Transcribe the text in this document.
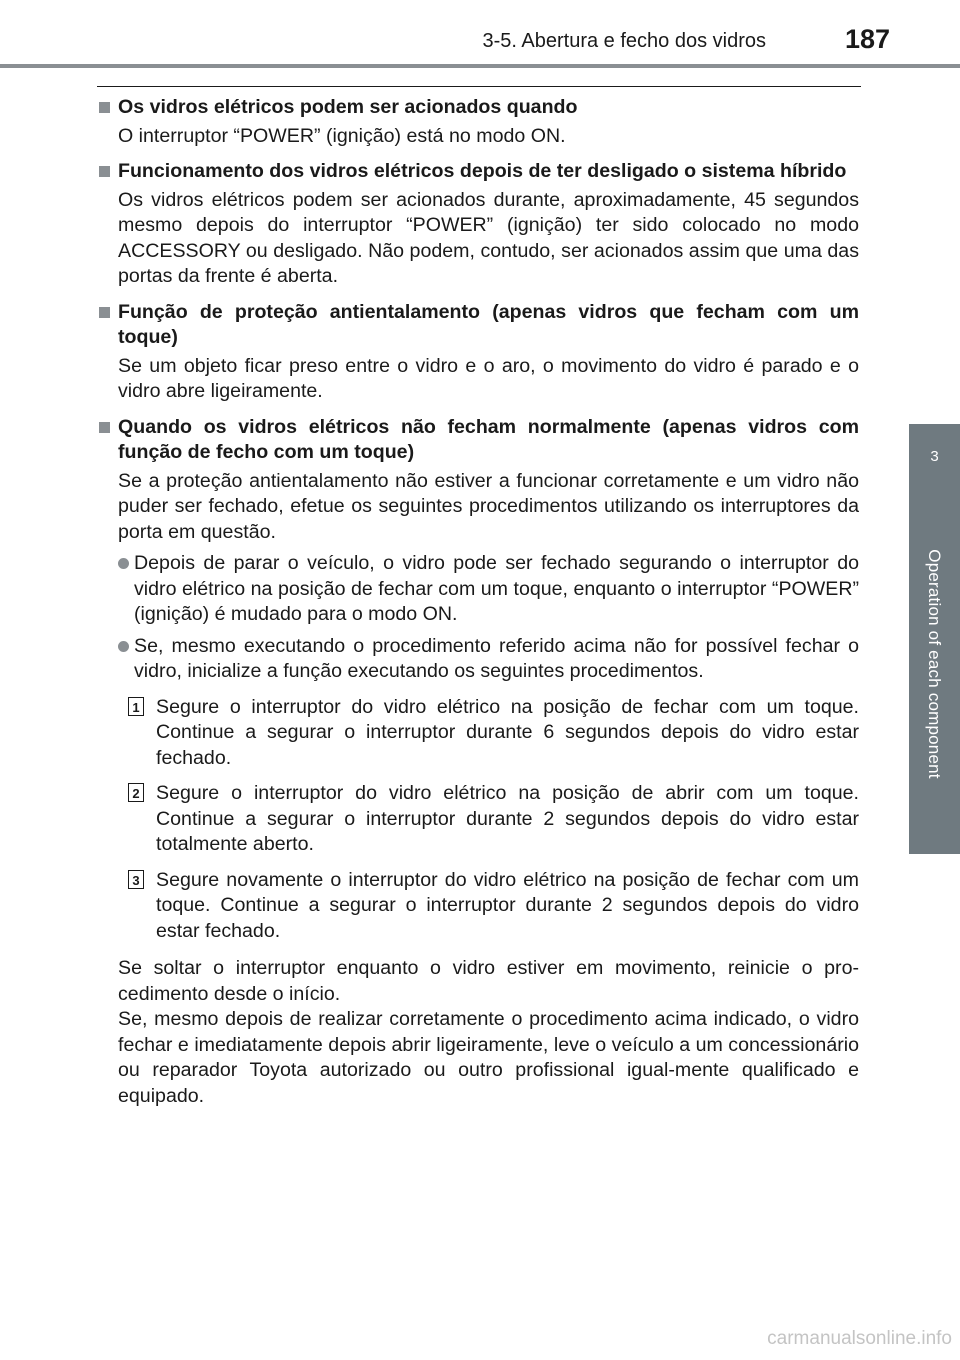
3-5. Abertura e fecho dos vidros	187
3
Operation of each component
Os vidros elétricos podem ser acionados quando
O interruptor “POWER” (ignição) está no modo ON.
Funcionamento dos vidros elétricos depois de ter desligado o sistema híbrido
Os vidros elétricos podem ser acionados durante, aproximadamente, 45 segundos mesmo depois do interruptor “POWER” (ignição) ter sido colocado no modo ACCESSORY ou desligado. Não podem, contudo, ser acionados assim que uma das portas da frente é aberta.
Função de proteção antientalamento (apenas vidros que fecham com um toque)
Se um objeto ficar preso entre o vidro e o aro, o movimento do vidro é parado e o vidro abre ligeiramente.
Quando os vidros elétricos não fecham normalmente (apenas vidros com função de fecho com um toque)
Se a proteção antientalamento não estiver a funcionar corretamente e um vidro não puder ser fechado, efetue os seguintes procedimentos utilizando os interruptores da porta em questão.
Depois de parar o veículo, o vidro pode ser fechado segurando o interruptor do vidro elétrico na posição de fechar com um toque, enquanto o interruptor “POWER” (ignição) é mudado para o modo ON.
Se, mesmo executando o procedimento referido acima não for possível fechar o vidro, inicialize a função executando os seguintes procedimentos.
1 Segure o interruptor do vidro elétrico na posição de fechar com um toque. Continue a segurar o interruptor durante 6 segundos depois do vidro estar fechado.
2 Segure o interruptor do vidro elétrico na posição de abrir com um toque. Continue a segurar o interruptor durante 2 segundos depois do vidro estar totalmente aberto.
3 Segure novamente o interruptor do vidro elétrico na posição de fechar com um toque. Continue a segurar o interruptor durante 2 segundos depois do vidro estar fechado.
Se soltar o interruptor enquanto o vidro estiver em movimento, reinicie o pro-cedimento desde o início.
Se, mesmo depois de realizar corretamente o procedimento acima indicado, o vidro fechar e imediatamente depois abrir ligeiramente, leve o veículo a um concessionário ou reparador Toyota autorizado ou outro profissional igual-mente qualificado e equipado.
carmanualsonline.info
